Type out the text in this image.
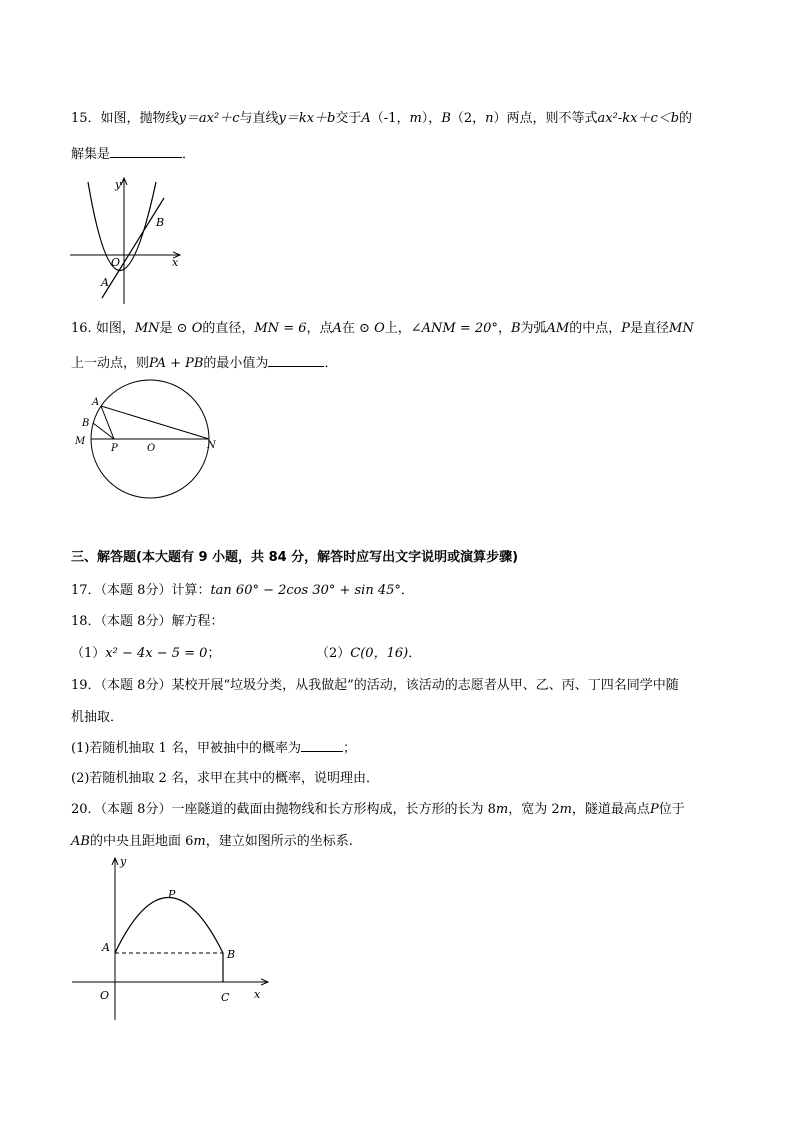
15．如图，抛物线y＝ax²＋c与直线y＝kx＋b交于A（-1，m），B（2，n）两点，则不等式ax²-kx＋c＜b的
解集是	．
y
x
O
A
B
16. 如图，MN是 ⊙ O的直径，MN = 6，点A在 ⊙ O上，∠ANM = 20°，B为弧AM的中点，P是直径MN
上一动点，则PA + PB的最小值为	．
A
B
M
P	O	N
三、解答题(本大题有 9 小题，共 84 分，解答时应写出文字说明或演算步骤)
17．（本题 8分）计算：tan 60° − 2cos 30° + sin 45°．
18．（本题 8分）解方程：
（1）x² − 4x − 5 = 0；	（2）C(0，16)．
19．（本题 8分）某校开展“垃圾分类，从我做起”的活动，该活动的志愿者从甲、乙、丙、丁四名同学中随
机抽取．
(1)若随机抽取 1 名，甲被抽中的概率为	；
(2)若随机抽取 2 名，求甲在其中的概率，说明理由．
20．（本题 8分）一座隧道的截面由抛物线和长方形构成，长方形的长为 8m，宽为 2m，隧道最高点P位于
AB的中央且距地面 6m，建立如图所示的坐标系.
y
P
A
B
O	C x
